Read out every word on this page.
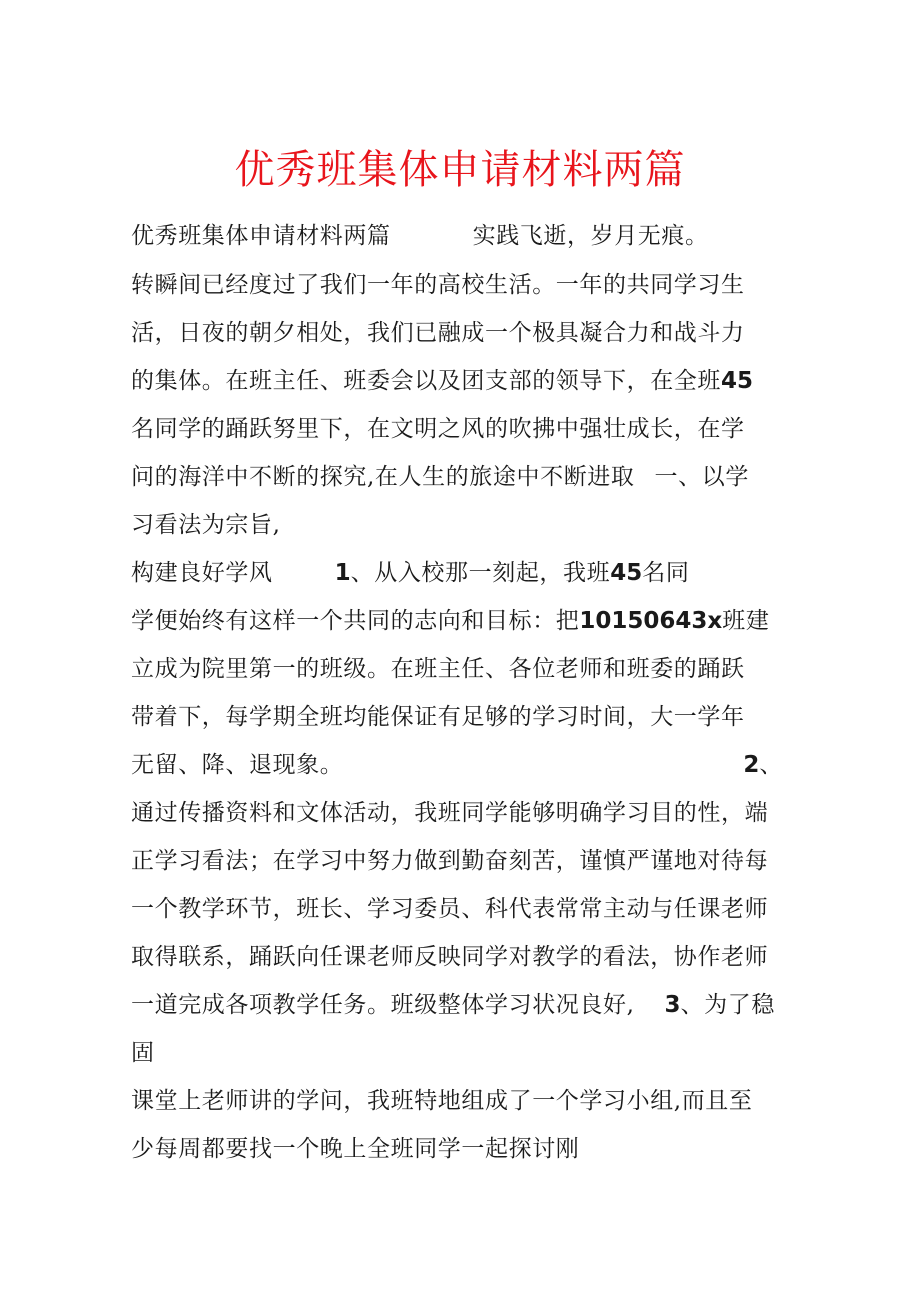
优秀班集体申请材料两篇
优秀班集体申请材料两篇	实践飞逝，岁月无痕。
转瞬间已经度过了我们一年的高校生活。一年的共同学习生
活，日夜的朝夕相处，我们已融成一个极具凝合力和战斗力
的集体。在班主任、班委会以及团支部的领导下，在全班45
名同学的踊跃努里下，在文明之风的吹拂中强壮成长，在学
问的海洋中不断的探究,在人生的旅途中不断进取 一、以学
习看法为宗旨,
构建良好学风	1、从入校那一刻起，我班45名同
学便始终有这样一个共同的志向和目标：把10150643x班建
立成为院里第一的班级。在班主任、各位老师和班委的踊跃
带着下，每学期全班均能保证有足够的学习时间，大一学年
无留、降、退现象。	2、
通过传播资料和文体活动，我班同学能够明确学习目的性，端
正学习看法；在学习中努力做到勤奋刻苦，谨慎严谨地对待每
一个教学环节，班长、学习委员、科代表常常主动与任课老师
取得联系，踊跃向任课老师反映同学对教学的看法，协作老师
一道完成各项教学任务。班级整体学习状况良好, 3、为了稳
固
课堂上老师讲的学问，我班特地组成了一个学习小组,而且至
少每周都要找一个晚上全班同学一起探讨刚
